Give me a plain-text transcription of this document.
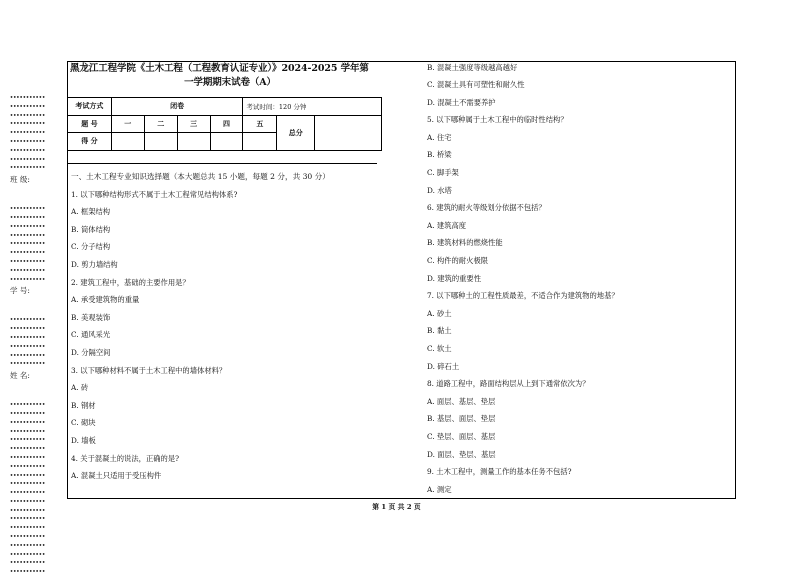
•••••••••••
•••••••••••
•••••••••••
•••••••••••
•••••••••••
•••••••••••
•••••••••••
•••••••••••
•••••••••••
班 级:
•••••••••••
•••••••••••
•••••••••••
•••••••••••
•••••••••••
•••••••••••
•••••••••••
•••••••••••
•••••••••••
学 号:
•••••••••••
•••••••••••
•••••••••••
•••••••••••
•••••••••••
•••••••••••
姓 名:
•••••••••••
•••••••••••
•••••••••••
•••••••••••
•••••••••••
•••••••••••
•••••••••••
•••••••••••
•••••••••••
•••••••••••
•••••••••••
•••••••••••
•••••••••••
•••••••••••
•••••••••••
•••••••••••
•••••••••••
•••••••••••
•••••••••••
•••••••••••
黑龙江工程学院《土木工程（工程教育认证专业）》2024-2025 学年第
一学期期末试卷（A）
考试方式	闭卷				考试时间：120 分钟		
题 号	一	二	三	四	五	总分	
得 分							
一、土木工程专业知识选择题（本大题总共 15 小题，每题 2 分，共 30 分）
1. 以下哪种结构形式不属于土木工程常见结构体系?
A. 框架结构
B. 筒体结构
C. 分子结构
D. 剪力墙结构
2. 建筑工程中，基础的主要作用是？
A. 承受建筑物的重量
B. 美观装饰
C. 通风采光
D. 分隔空间
3. 以下哪种材料不属于土木工程中的墙体材料？
A. 砖
B. 钢材
C. 砌块
D. 墙板
4. 关于混凝土的说法，正确的是?
A. 混凝土只适用于受压构件
B. 混凝土强度等级越高越好
C. 混凝土具有可塑性和耐久性
D. 混凝土不需要养护
5. 以下哪种属于土木工程中的临时性结构？
A. 住宅
B. 桥梁
C. 脚手架
D. 水塔
6. 建筑的耐火等级划分依据不包括？
A. 建筑高度
B. 建筑材料的燃烧性能
C. 构件的耐火极限
D. 建筑的重要性
7. 以下哪种土的工程性质最差，不适合作为建筑物的地基？
A. 砂土
B. 黏土
C. 软土
D. 碎石土
8. 道路工程中，路面结构层从上到下通常依次为？
A. 面层、基层、垫层
B. 基层、面层、垫层
C. 垫层、面层、基层
D. 面层、垫层、基层
9. 土木工程中，测量工作的基本任务不包括?
A. 测定
第 1 页 共 2 页
